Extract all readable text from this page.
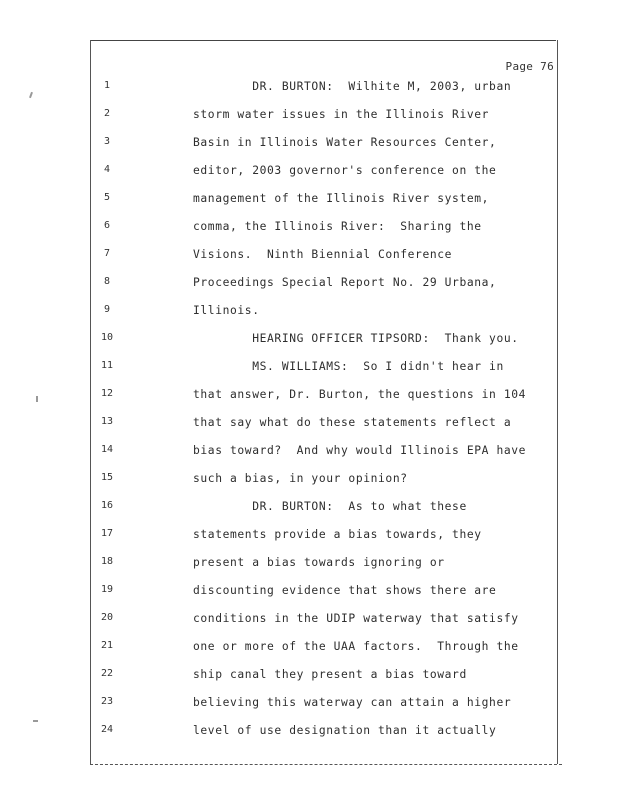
Page 76
1	DR. BURTON:  Wilhite M, 2003, urban
2	storm water issues in the Illinois River
3	Basin in Illinois Water Resources Center,
4	editor, 2003 governor's conference on the
5	management of the Illinois River system,
6	comma, the Illinois River:  Sharing the
7	Visions.  Ninth Biennial Conference
8	Proceedings Special Report No. 29 Urbana,
9	Illinois.
10	HEARING OFFICER TIPSORD:  Thank you.
11	MS. WILLIAMS:  So I didn't hear in
12	that answer, Dr. Burton, the questions in 104
13	that say what do these statements reflect a
14	bias toward?  And why would Illinois EPA have
15	such a bias, in your opinion?
16	DR. BURTON:  As to what these
17	statements provide a bias towards, they
18	present a bias towards ignoring or
19	discounting evidence that shows there are
20	conditions in the UDIP waterway that satisfy
21	one or more of the UAA factors.  Through the
22	ship canal they present a bias toward
23	believing this waterway can attain a higher
24	level of use designation than it actually
